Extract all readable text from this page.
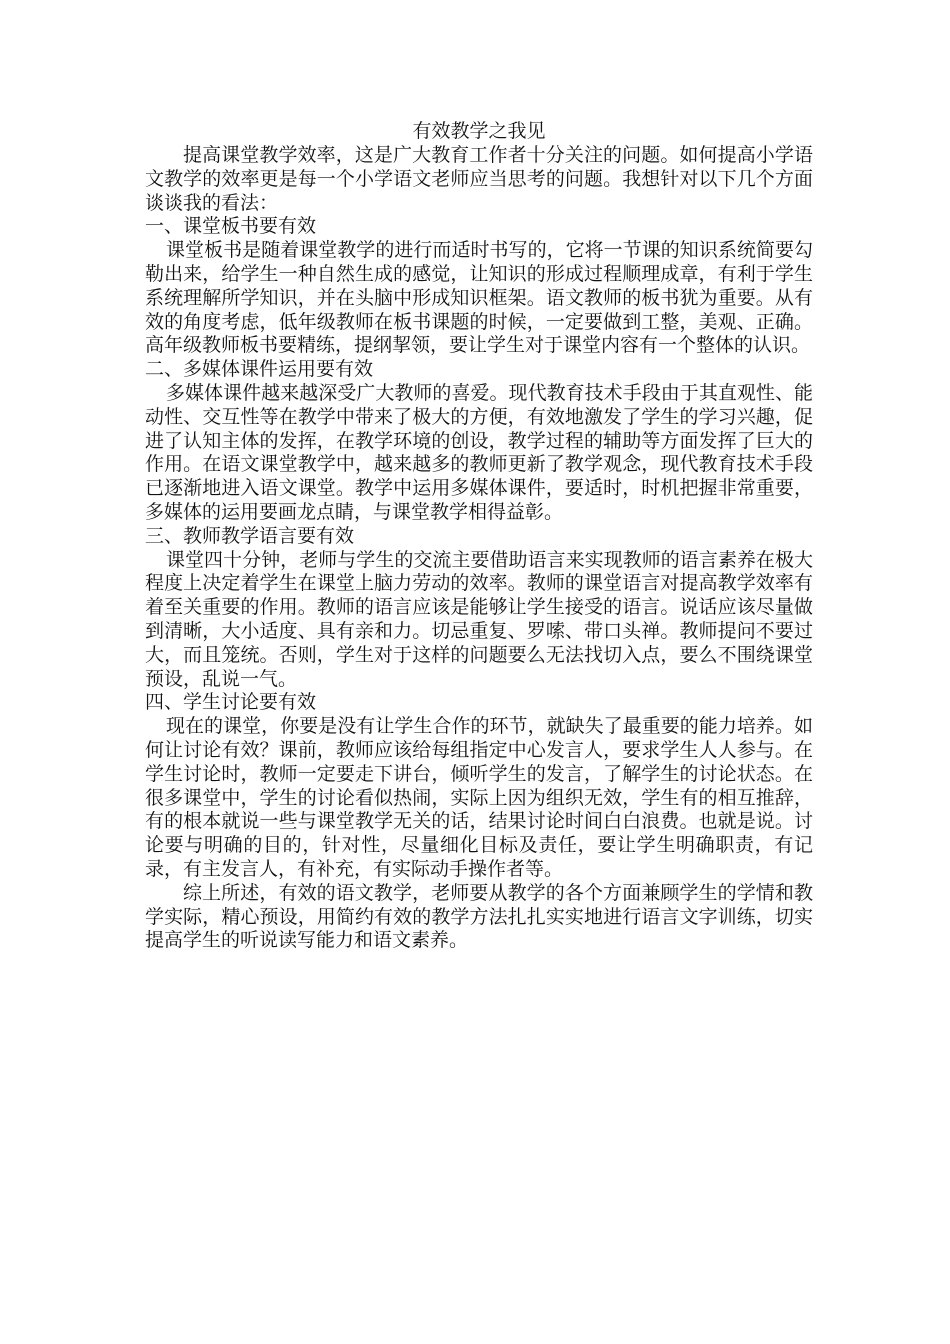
有效教学之我见

提高课堂教学效率，这是广大教育工作者十分关注的问题。如何提高小学语文教学的效率更是每一个小学语文老师应当思考的问题。我想针对以下几个方面谈谈我的看法：

一、课堂板书要有效

课堂板书是随着课堂教学的进行而适时书写的，它将一节课的知识系统简要勾勒出来，给学生一种自然生成的感觉，让知识的形成过程顺理成章，有利于学生系统理解所学知识，并在头脑中形成知识框架。语文教师的板书犹为重要。从有效的角度考虑，低年级教师在板书课题的时候，一定要做到工整，美观、正确。高年级教师板书要精练，提纲挈领，要让学生对于课堂内容有一个整体的认识。

二、多媒体课件运用要有效

多媒体课件越来越深受广大教师的喜爱。现代教育技术手段由于其直观性、能动性、交互性等在教学中带来了极大的方便，有效地激发了学生的学习兴趣，促进了认知主体的发挥，在教学环境的创设，教学过程的辅助等方面发挥了巨大的作用。在语文课堂教学中，越来越多的教师更新了教学观念，现代教育技术手段已逐渐地进入语文课堂。教学中运用多媒体课件，要适时，时机把握非常重要，多媒体的运用要画龙点睛，与课堂教学相得益彰。

三、教师教学语言要有效

课堂四十分钟，老师与学生的交流主要借助语言来实现教师的语言素养在极大程度上决定着学生在课堂上脑力劳动的效率。教师的课堂语言对提高教学效率有着至关重要的作用。教师的语言应该是能够让学生接受的语言。说话应该尽量做到清晰，大小适度、具有亲和力。切忌重复、罗嗦、带口头禅。教师提问不要过大，而且笼统。否则，学生对于这样的问题要么无法找切入点，要么不围绕课堂预设，乱说一气。

四、学生讨论要有效

现在的课堂，你要是没有让学生合作的环节，就缺失了最重要的能力培养。如何让讨论有效？课前，教师应该给每组指定中心发言人，要求学生人人参与。在学生讨论时，教师一定要走下讲台，倾听学生的发言，了解学生的讨论状态。在很多课堂中，学生的讨论看似热闹，实际上因为组织无效，学生有的相互推辞，有的根本就说一些与课堂教学无关的话，结果讨论时间白白浪费。也就是说。讨论要与明确的目的，针对性，尽量细化目标及责任，要让学生明确职责，有记录，有主发言人，有补充，有实际动手操作者等。

综上所述，有效的语文教学，老师要从教学的各个方面兼顾学生的学情和教学实际，精心预设，用简约有效的教学方法扎扎实实地进行语言文字训练，切实提高学生的听说读写能力和语文素养。
